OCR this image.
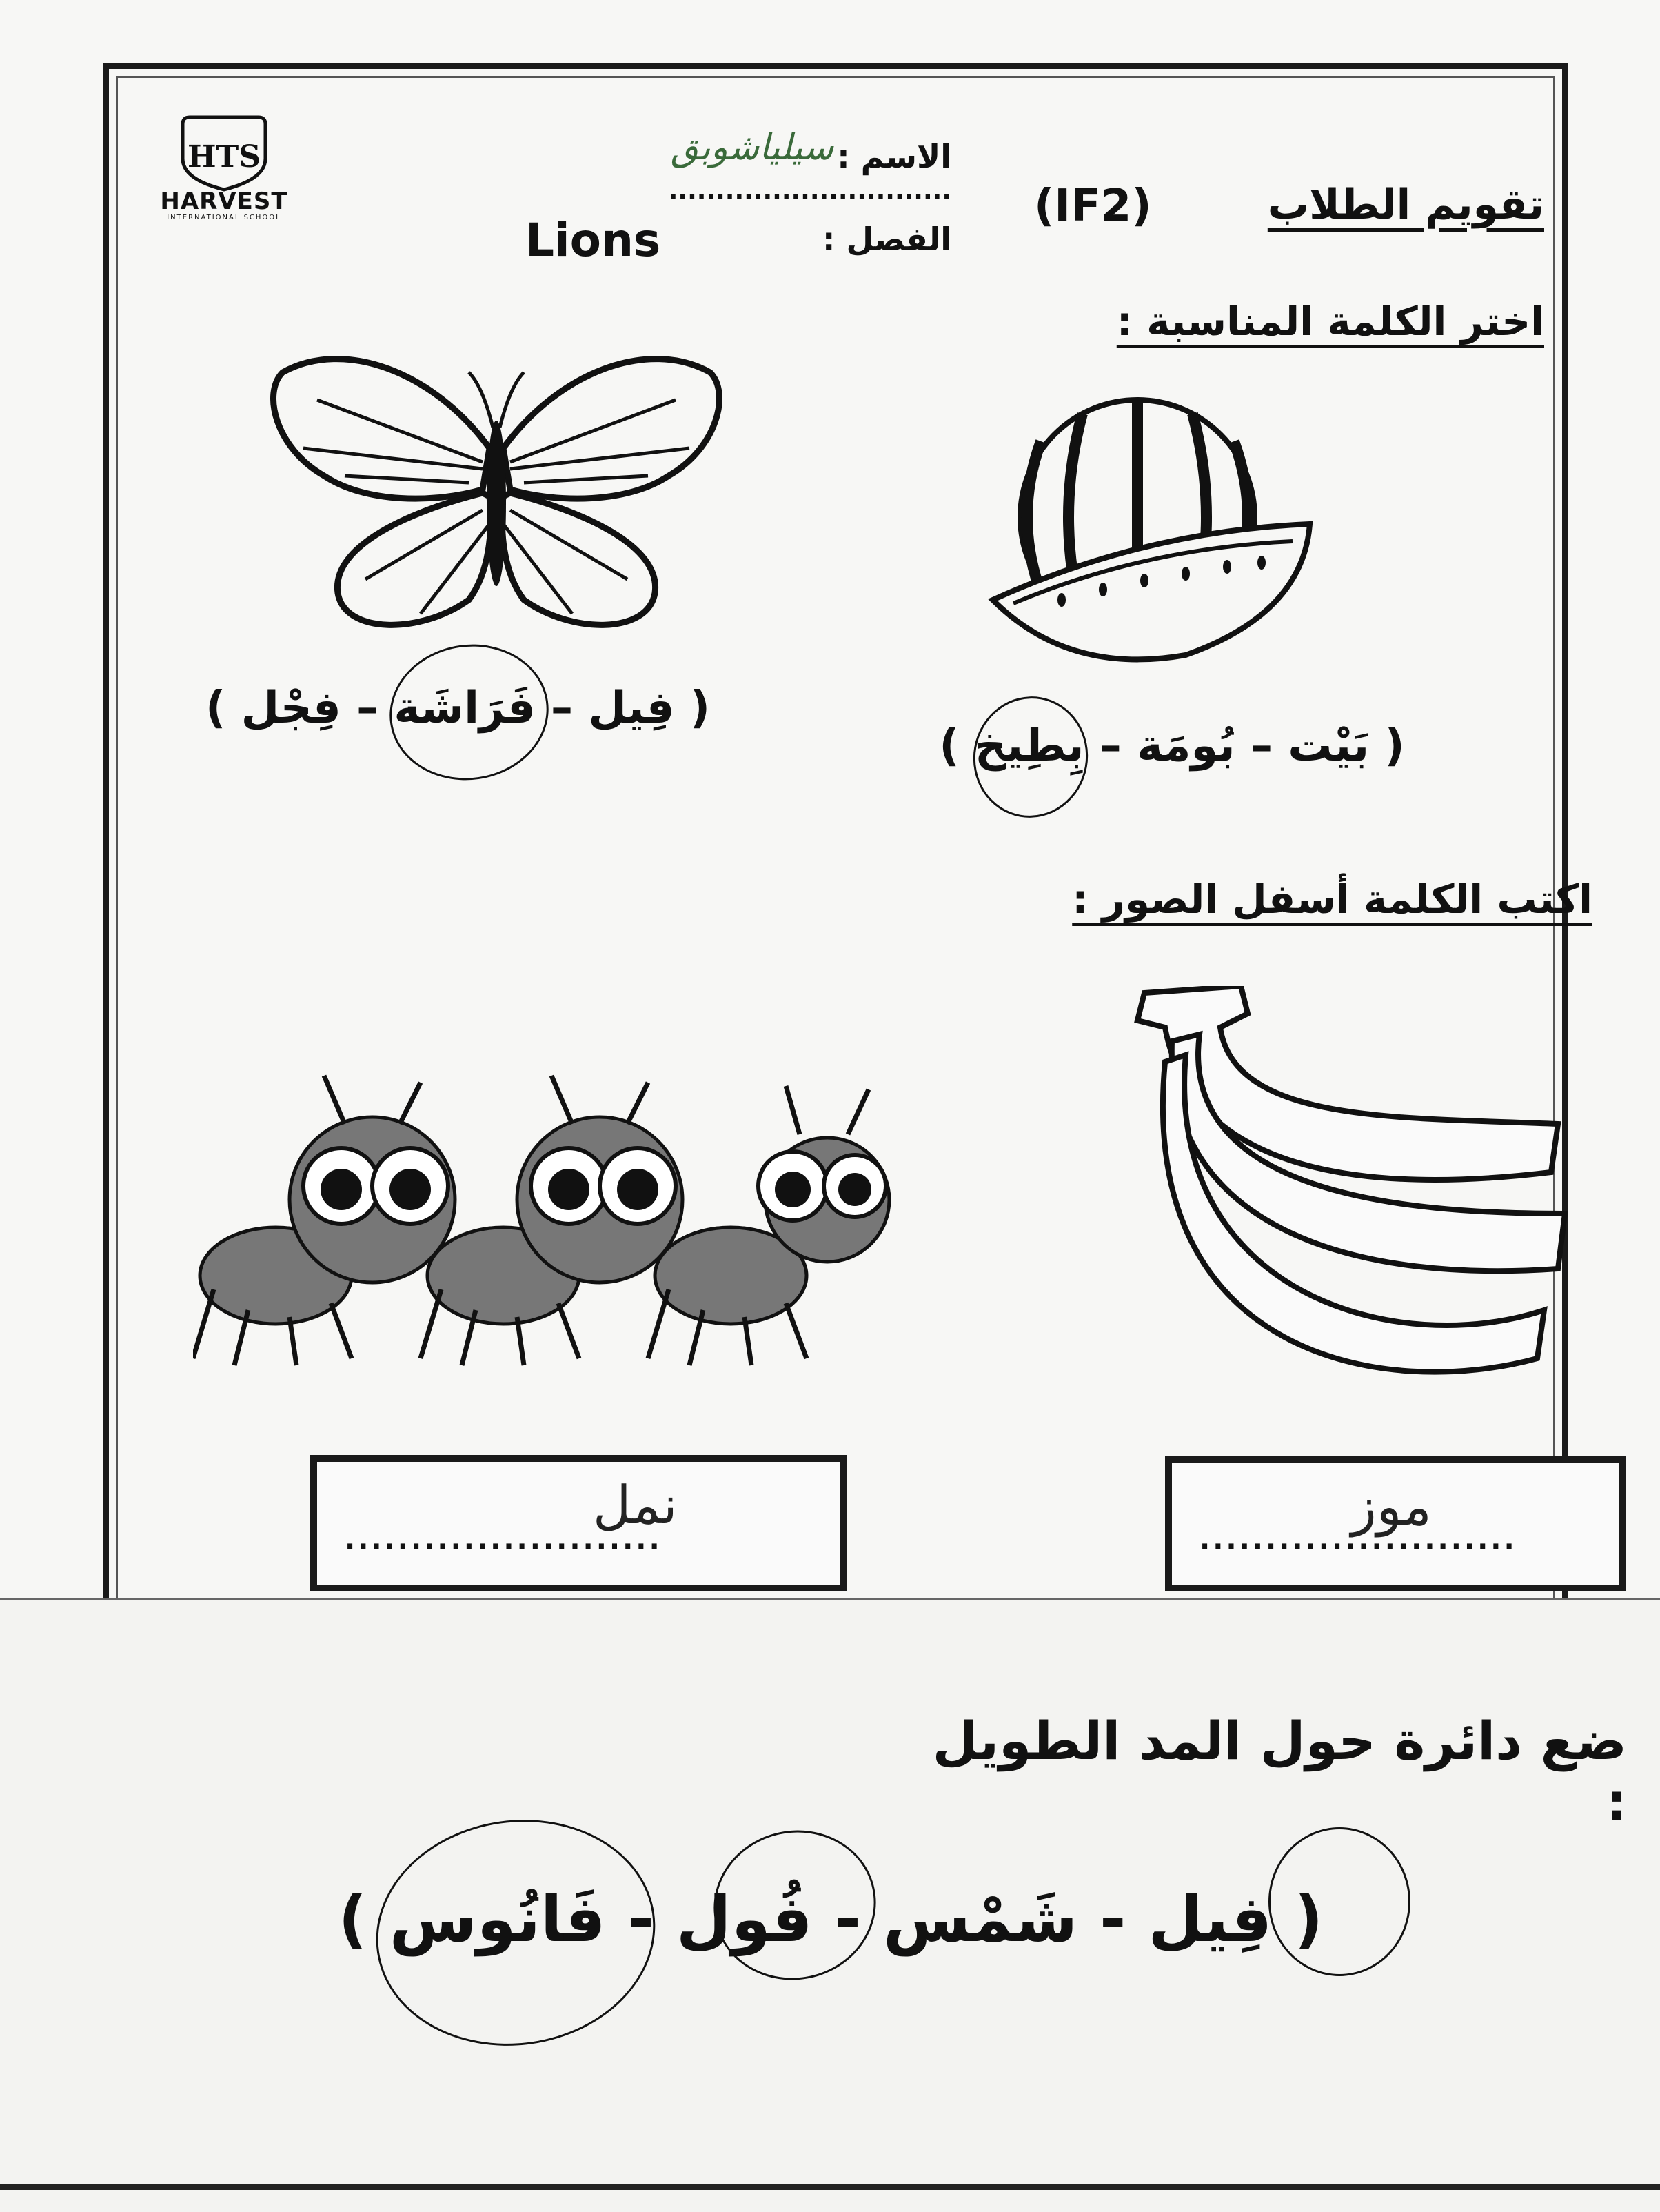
HTS
HARVEST
INTERNATIONAL SCHOOL
الاسم : سيلياشوبق ..............................
الفصل :
Lions
(IF2)	تقويم الطلاب
اختر الكلمة المناسبة :
( فِيل – فَرَاشَة – فِجْل )
( بَيْت – بُومَة – بِطِيخ )
اكتب الكلمة أسفل الصور :
........................
نمل
........................
موز
ضع دائرة حول المد الطويل :
( فِيل - شَمْس - فُول - فَانُوس )
